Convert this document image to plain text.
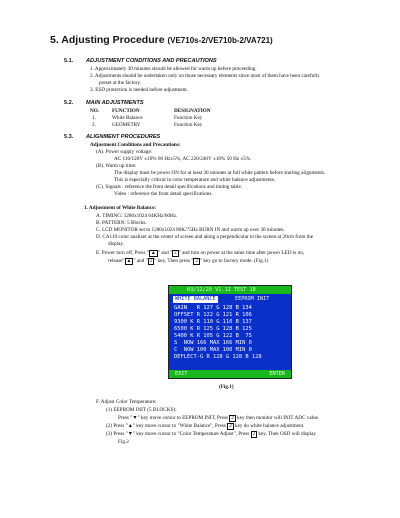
5. Adjusting Procedure (VE710s-2/VE710b-2/VA721)
5.1. ADJUSTMENT CONDITIONS AND PRECAUTIONS
1. Approximately 30 minutes should be allowed for warm up before proceeding.
2. Adjustments should be undertaken only on those necessary elements since most of them have been carefully
preset at the factory.
3. ESD protection is needed before adjustment.
5.2. MAIN ADJUSTMENTS
NO. FUNCTION	DESIGNATION
1.	White Balance	Function Key
2.	GEOMETRY	Function Key
5.3. ALIGNMENT PROCEDURES
Adjustment Conditions and Precautions:
(A). Power supply voltage:
AC 110/120V ±10% 60 Hz±5%, AC 220/240V ±10% 50 Hz ±5%.
(B). Warm up time:
The display must be power ON for at least 30 minutes at full white pattern before starting alignments.
This is especially critical in color temperature and white balance adjustments.
(C). Signals : reference the front detail specifications and timing table.
Video : reference the front detail specifications.
1. Adjustment of White Balance:
A. TIMING: 1280x1024 64KHz/60Hz.
B. PATTERN: 5 Blocks.
C. LCD MONITOR set to 1280x1024 80K/75Hz BURN IN and warm up over 30 minutes.
D. CA110 color analizer at the center of screen and along a perpendicular to the screen at 20cm from the
display.
E. Power turn off, Press " ▲ " and " 2 " and turn on power at the same time after power LED is on,
release" ▲ " and " 2 " key, Then press " 2 " key go to factory mode. (Fig.1)
03/12/20 V1.12 TEST 1B
WHITE BALANCE	EEPROM INIT
GAIN   R 127 G 128 B 134
OFFSET R 122 G 121 R 106
9300 K R 110 G 110 B 137
6500 K R 125 G 128 B 125
5400 K R 105 G 122 B  75
S  NOW 166 MAX 166 MIN 0
C  NOW 100 MAX 100 MIN 0
DEFLECT-G R 128 G 128 B 128
EXIT	ENTER
(Fig.1)
F. Adjust Color Temperature:
(1) EEPROM INIT (5 BLOCKS):
Press "▼" key move cursor to EEPROM INIT, Press 2 key then monitor will INIT ADC value.
(2) Press "▲" key move cursor to "White Balance", Press 2 key do white balance adjustment.
(3) Press "▼" key move cursor to "Color Temperature Adjust", Press 2 key, Then OSD will display
Fig.2
